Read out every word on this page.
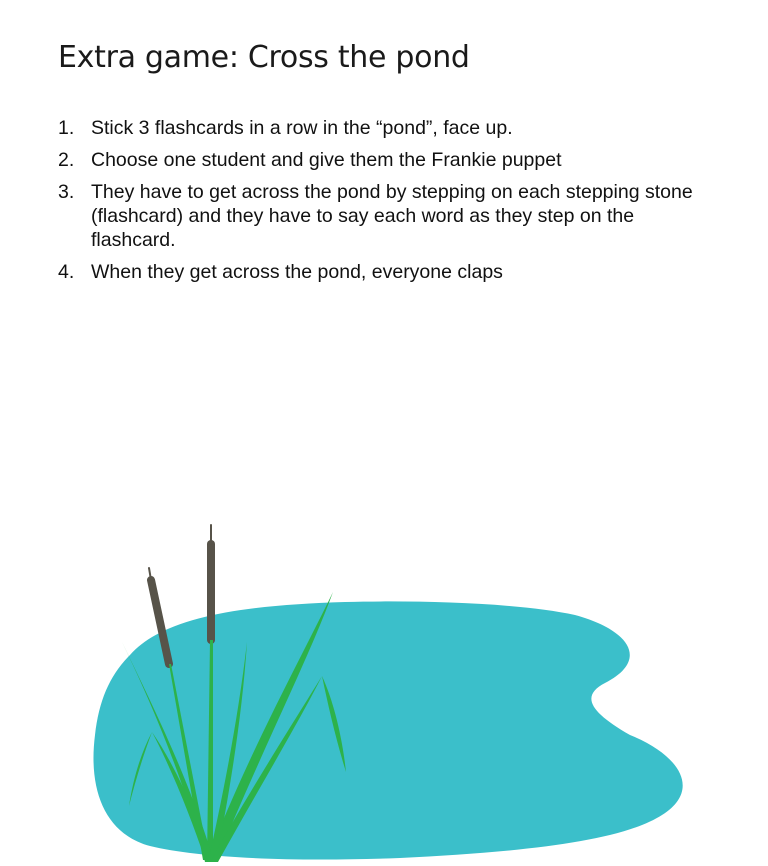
Extra game: Cross the pond
1. Stick 3 flashcards in a row in the “pond”, face up.
2. Choose one student and give them the Frankie puppet
3. They have to get across the pond by stepping on each stepping stone (flashcard) and they have to say each word as they step on the flashcard.
4. When they get across the pond, everyone claps
